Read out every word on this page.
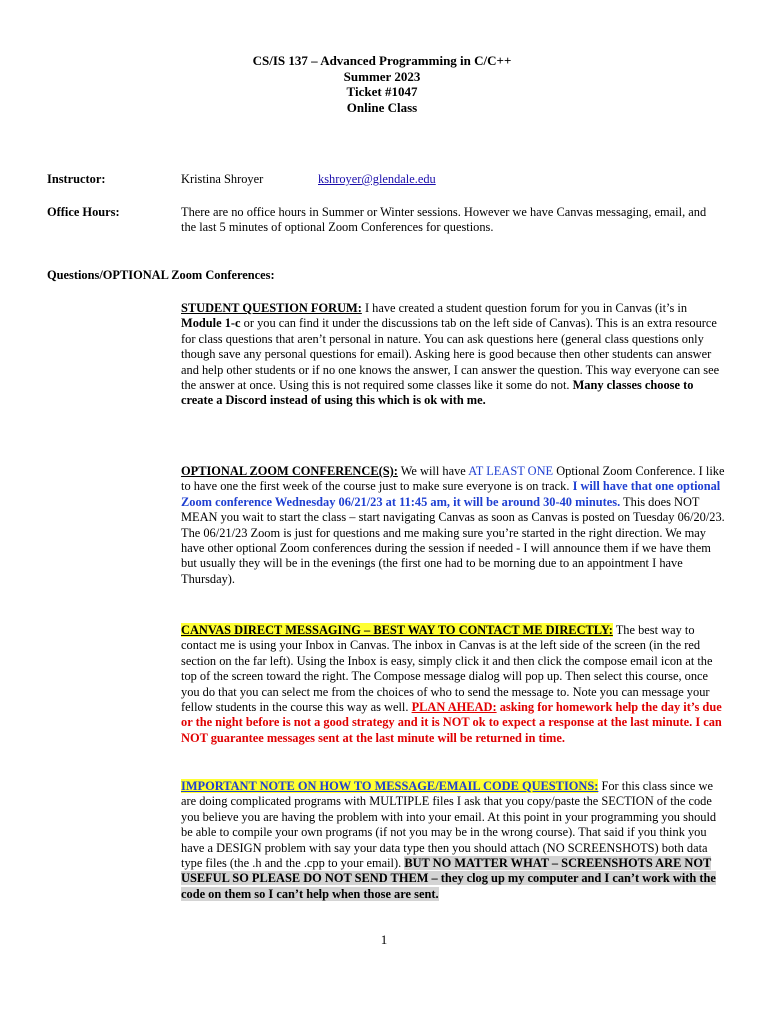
CS/IS 137 – Advanced Programming in C/C++
Summer 2023
Ticket #1047
Online Class
Instructor:	Kristina Shroyer	kshroyer@glendale.edu
Office Hours:	There are no office hours in Summer or Winter sessions. However we have Canvas messaging, email, and the last 5 minutes of optional Zoom Conferences for questions.
Questions/OPTIONAL Zoom Conferences:
STUDENT QUESTION FORUM: I have created a student question forum for you in Canvas (it’s in Module 1-c or you can find it under the discussions tab on the left side of Canvas). This is an extra resource for class questions that aren’t personal in nature. You can ask questions here (general class questions only though save any personal questions for email). Asking here is good because then other students can answer and help other students or if no one knows the answer, I can answer the question. This way everyone can see the answer at once. Using this is not required some classes like it some do not. Many classes choose to create a Discord instead of using this which is ok with me.
OPTIONAL ZOOM CONFERENCE(S): We will have AT LEAST ONE Optional Zoom Conference. I like to have one the first week of the course just to make sure everyone is on track. I will have that one optional Zoom conference Wednesday 06/21/23 at 11:45 am, it will be around 30-40 minutes. This does NOT MEAN you wait to start the class – start navigating Canvas as soon as Canvas is posted on Tuesday 06/20/23. The 06/21/23 Zoom is just for questions and me making sure you’re started in the right direction. We may have other optional Zoom conferences during the session if needed - I will announce them if we have them but usually they will be in the evenings (the first one had to be morning due to an appointment I have Thursday).
CANVAS DIRECT MESSAGING – BEST WAY TO CONTACT ME DIRECTLY: The best way to contact me is using your Inbox in Canvas. The inbox in Canvas is at the left side of the screen (in the red section on the far left). Using the Inbox is easy, simply click it and then click the compose email icon at the top of the screen toward the right. The Compose message dialog will pop up. Then select this course, once you do that you can select me from the choices of who to send the message to. Note you can message your fellow students in the course this way as well. PLAN AHEAD: asking for homework help the day it’s due or the night before is not a good strategy and it is NOT ok to expect a response at the last minute. I can NOT guarantee messages sent at the last minute will be returned in time.
IMPORTANT NOTE ON HOW TO MESSAGE/EMAIL CODE QUESTIONS: For this class since we are doing complicated programs with MULTIPLE files I ask that you copy/paste the SECTION of the code you believe you are having the problem with into your email. At this point in your programming you should be able to compile your own programs (if not you may be in the wrong course). That said if you think you have a DESIGN problem with say your data type then you should attach (NO SCREENSHOTS) both data type files (the .h and the .cpp to your email). BUT NO MATTER WHAT – SCREENSHOTS ARE NOT USEFUL SO PLEASE DO NOT SEND THEM – they clog up my computer and I can’t work with the code on them so I can’t help when those are sent.
1
